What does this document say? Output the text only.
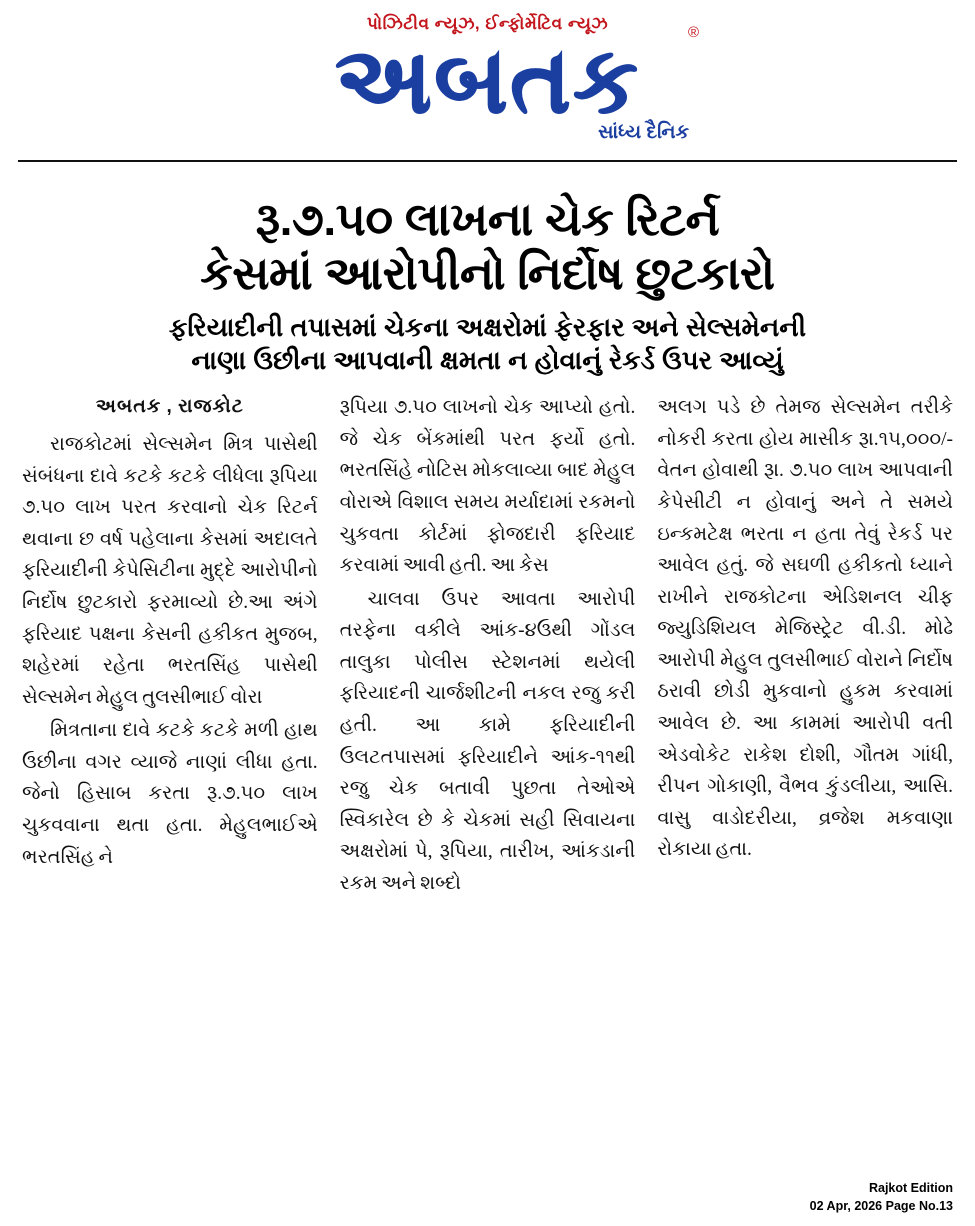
પોઝિટીવ ન્યૂઝ, ઈન્ફોર્મેટિવ ન્યૂઝ	®
અબતક
સાંધ્ય દૈનિક
રૂ.૭.૫૦ લાખના ચેક રિટર્ન
કેસમાં આરોપીનો નિર્દોષ છુટકારો
ફરિયાદીની તપાસમાં ચેકના અક્ષરોમાં ફેરફાર અને સેલ્સમેનની
નાણા ઉછીના આપવાની ક્ષમતા ન હોવાનું રેકર્ડ ઉપર આવ્યું
અબતક , રાજકોટ

રાજકોટમાં સેલ્સમેન મિત્ર પાસેથી સંબંધના દાવે કટકે કટકે લીધેલા રૂપિયા ૭.૫૦ લાખ પરત કરવાનો ચેક રિટર્ન થવાના છ વર્ષ પહેલાના કેસમાં અદાલતે ફરિયાદીની કેપેસિટીના મુદ્દે આરોપીનો નિર્દોષ છુટકારો ફરમાવ્યો છે.આ અંગે ફરિયાદ પક્ષના કેસની હકીકત મુજબ, શહેરમાં રહેતા ભરતસિંહ પાસેથી સેલ્સમેન મેહુલ તુલસીભાઈ વોરા

મિત્રતાના દાવે કટકે કટકે મળી હાથ ઉછીના વગર વ્યાજે નાણાં લીધા હતા. જેનો હિસાબ કરતા રૂ.૭.૫૦ લાખ ચુકવવાના થતા હતા. મેહુલભાઈએ ભરતસિંહ ને

રૂપિયા ૭.૫૦ લાખનો ચેક આપ્યો હતો. જે ચેક બેંકમાંથી પરત ફર્યો હતો. ભરતસિંહે નોટિસ મોકલાવ્યા બાદ મેહુલ વોરાએ વિશાલ સમય મર્યાદામાં રકમનો ચુકવતા કોર્ટમાં ફોજદારી ફરિયાદ કરવામાં આવી હતી. આ કેસ

ચાલવા ઉપર આવતા આરોપી તરફેના વકીલે આંક-૪ઉથી ગોંડલ તાલુકા પોલીસ સ્ટેશનમાં થયેલી ફરિયાદની ચાર્જશીટની નકલ રજુ કરી હતી. આ કામે ફરિયાદીની ઉલટતપાસમાં ફરિયાદીને આંક-૧૧થી રજુ ચેક બતાવી પુછતા તેઓએ સ્વિકારેલ છે કે ચેકમાં સહી સિવાયના અક્ષરોમાં પે, રૂપિયા, તારીખ, આંકડાની રકમ અને શબ્દો

અલગ પડે છે તેમજ સેલ્સમેન તરીકે નોકરી કરતા હોય માસીક રૂા.૧૫,૦૦૦/- વેતન હોવાથી રૂા. ૭.૫૦ લાખ આપવાની કેપેસીટી ન હોવાનું અને તે સમયે ઇન્કમટેક્ષ ભરતા ન હતા તેવું રેકર્ડ પર આવેલ હતું. જે સઘળી હકીકતો ધ્યાને રાખીને રાજકોટના એડિશનલ ચીફ જ્યુડિશિયલ મેજિસ્ટ્રેટ વી.ડી. મોઢે આરોપી મેહુલ તુલસીભાઈ વોરાને નિર્દોષ ઠરાવી છોડી મુકવાનો હુકમ કરવામાં આવેલ છે. આ કામમાં આરોપી વતી એડવોકેટ રાકેશ દોશી, ગૌતમ ગાંધી, રીપન ગોકાણી, વૈભવ કુંડલીયા, આસિ. વાસુ વાડોદરીયા, વ્રજેશ મકવાણા રોકાયા હતા.

Rajkot Edition
02 Apr, 2026 Page No.13
